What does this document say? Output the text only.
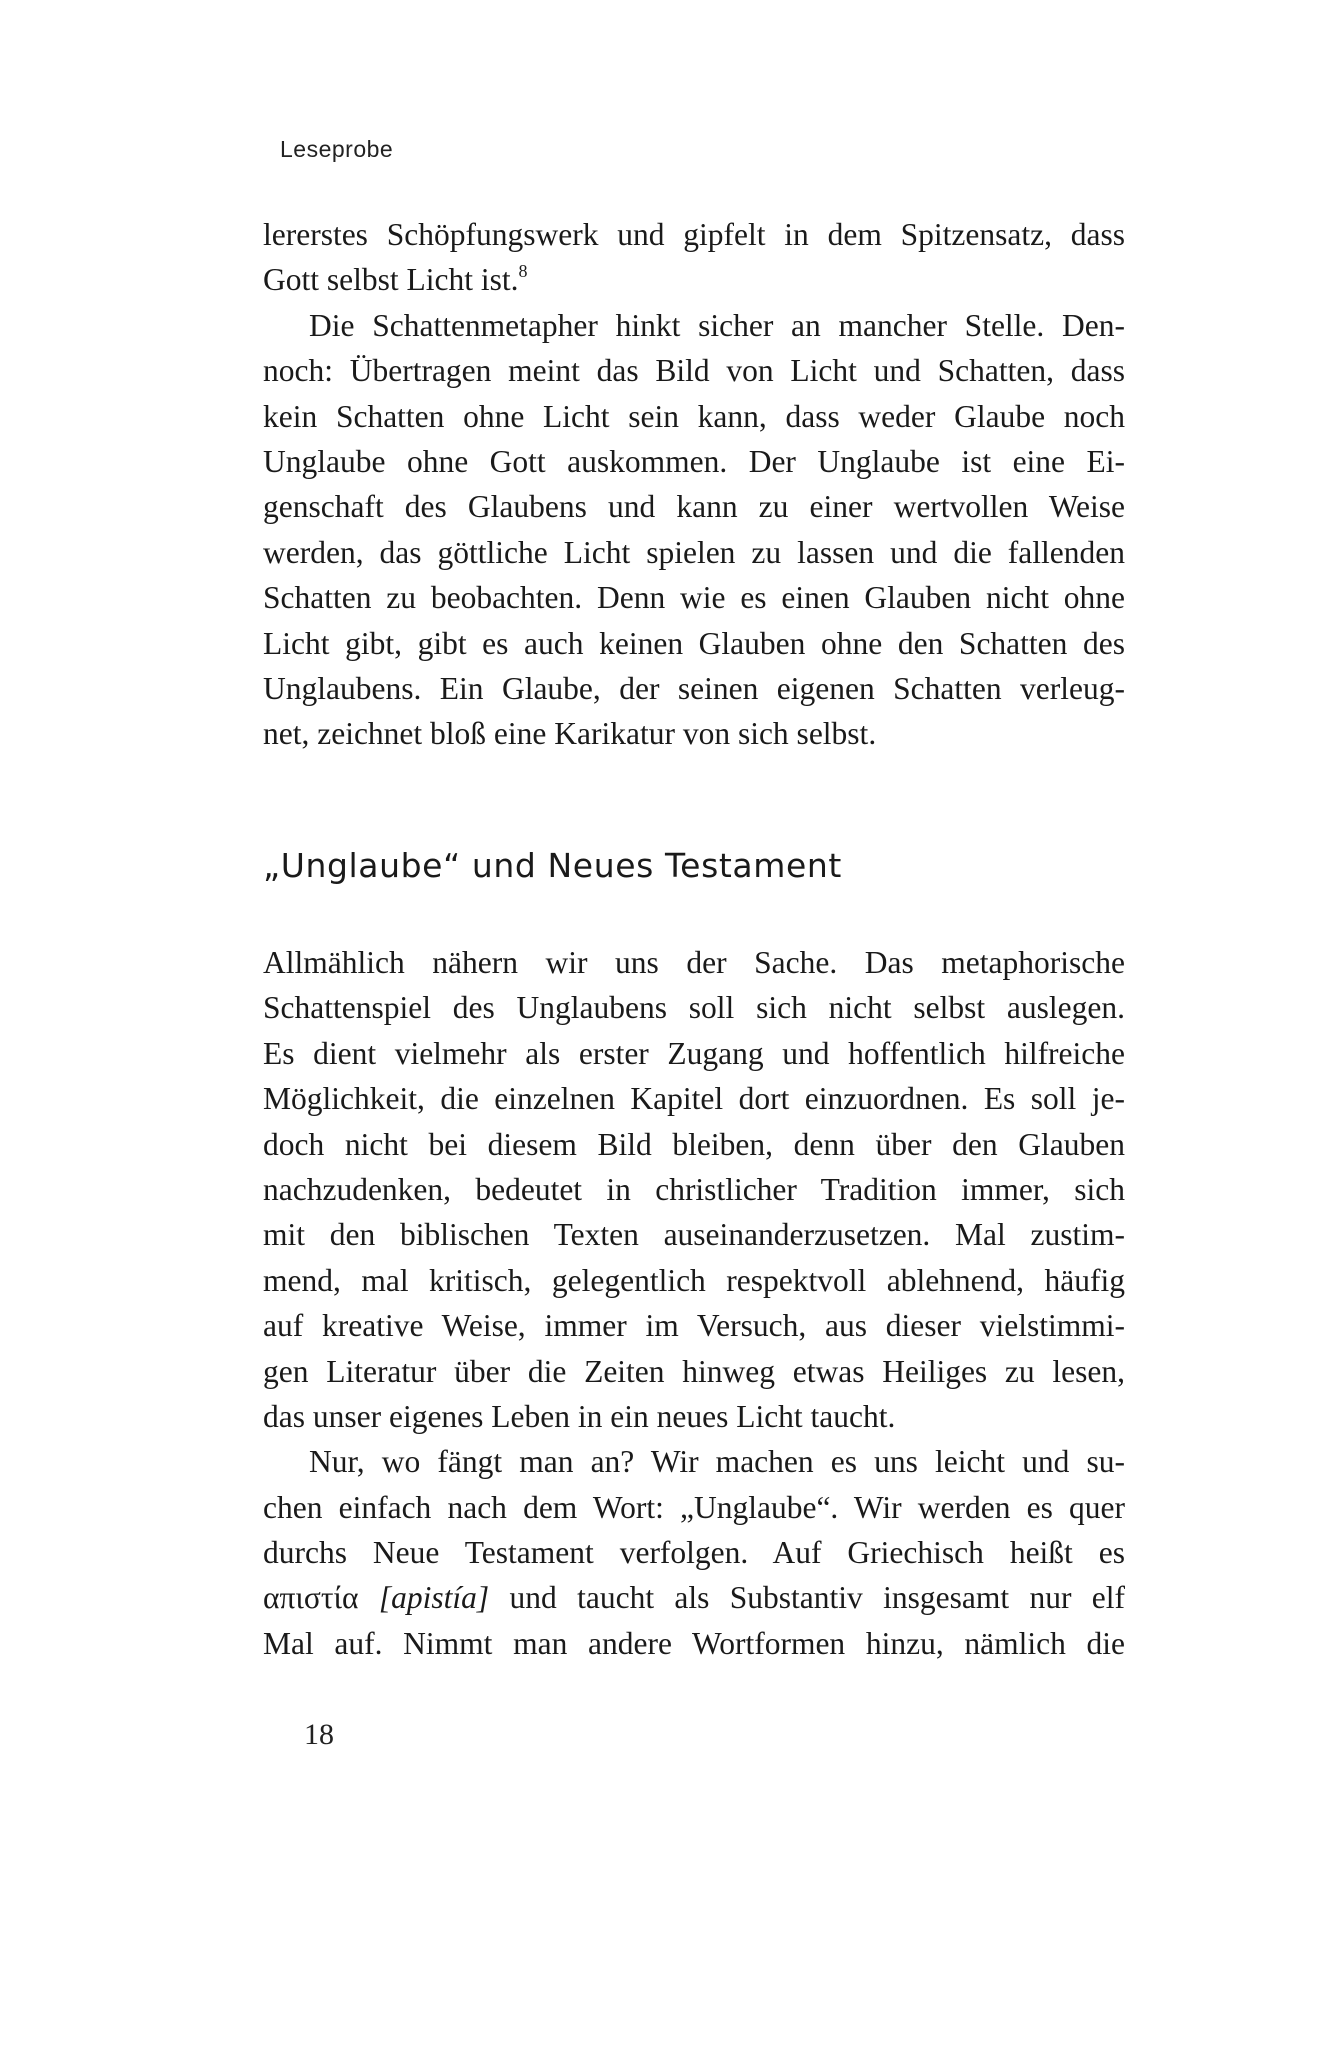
Leseprobe
lererstes Schöpfungswerk und gipfelt in dem Spitzensatz, dass
Gott selbst Licht ist.$^8$
Die Schattenmetapher hinkt sicher an mancher Stelle. Den-
noch: Übertragen meint das Bild von Licht und Schatten, dass
kein Schatten ohne Licht sein kann, dass weder Glaube noch
Unglaube ohne Gott auskommen. Der Unglaube ist eine Ei-
genschaft des Glaubens und kann zu einer wertvollen Weise
werden, das göttliche Licht spielen zu lassen und die fallenden
Schatten zu beobachten. Denn wie es einen Glauben nicht ohne
Licht gibt, gibt es auch keinen Glauben ohne den Schatten des
Unglaubens. Ein Glaube, der seinen eigenen Schatten verleug-
net, zeichnet bloß eine Karikatur von sich selbst.
„Unglaube“ und Neues Testament
Allmählich nähern wir uns der Sache. Das metaphorische
Schattenspiel des Unglaubens soll sich nicht selbst auslegen.
Es dient vielmehr als erster Zugang und hoffentlich hilfreiche
Möglichkeit, die einzelnen Kapitel dort einzuordnen. Es soll je-
doch nicht bei diesem Bild bleiben, denn über den Glauben
nachzudenken, bedeutet in christlicher Tradition immer, sich
mit den biblischen Texten auseinanderzusetzen. Mal zustim-
mend, mal kritisch, gelegentlich respektvoll ablehnend, häufig
auf kreative Weise, immer im Versuch, aus dieser vielstimmi-
gen Literatur über die Zeiten hinweg etwas Heiliges zu lesen,
das unser eigenes Leben in ein neues Licht taucht.
Nur, wo fängt man an? Wir machen es uns leicht und su-
chen einfach nach dem Wort: „Unglaube“. Wir werden es quer
durchs Neue Testament verfolgen. Auf Griechisch heißt es
απιστία [apistía] und taucht als Substantiv insgesamt nur elf
Mal auf. Nimmt man andere Wortformen hinzu, nämlich die
18
